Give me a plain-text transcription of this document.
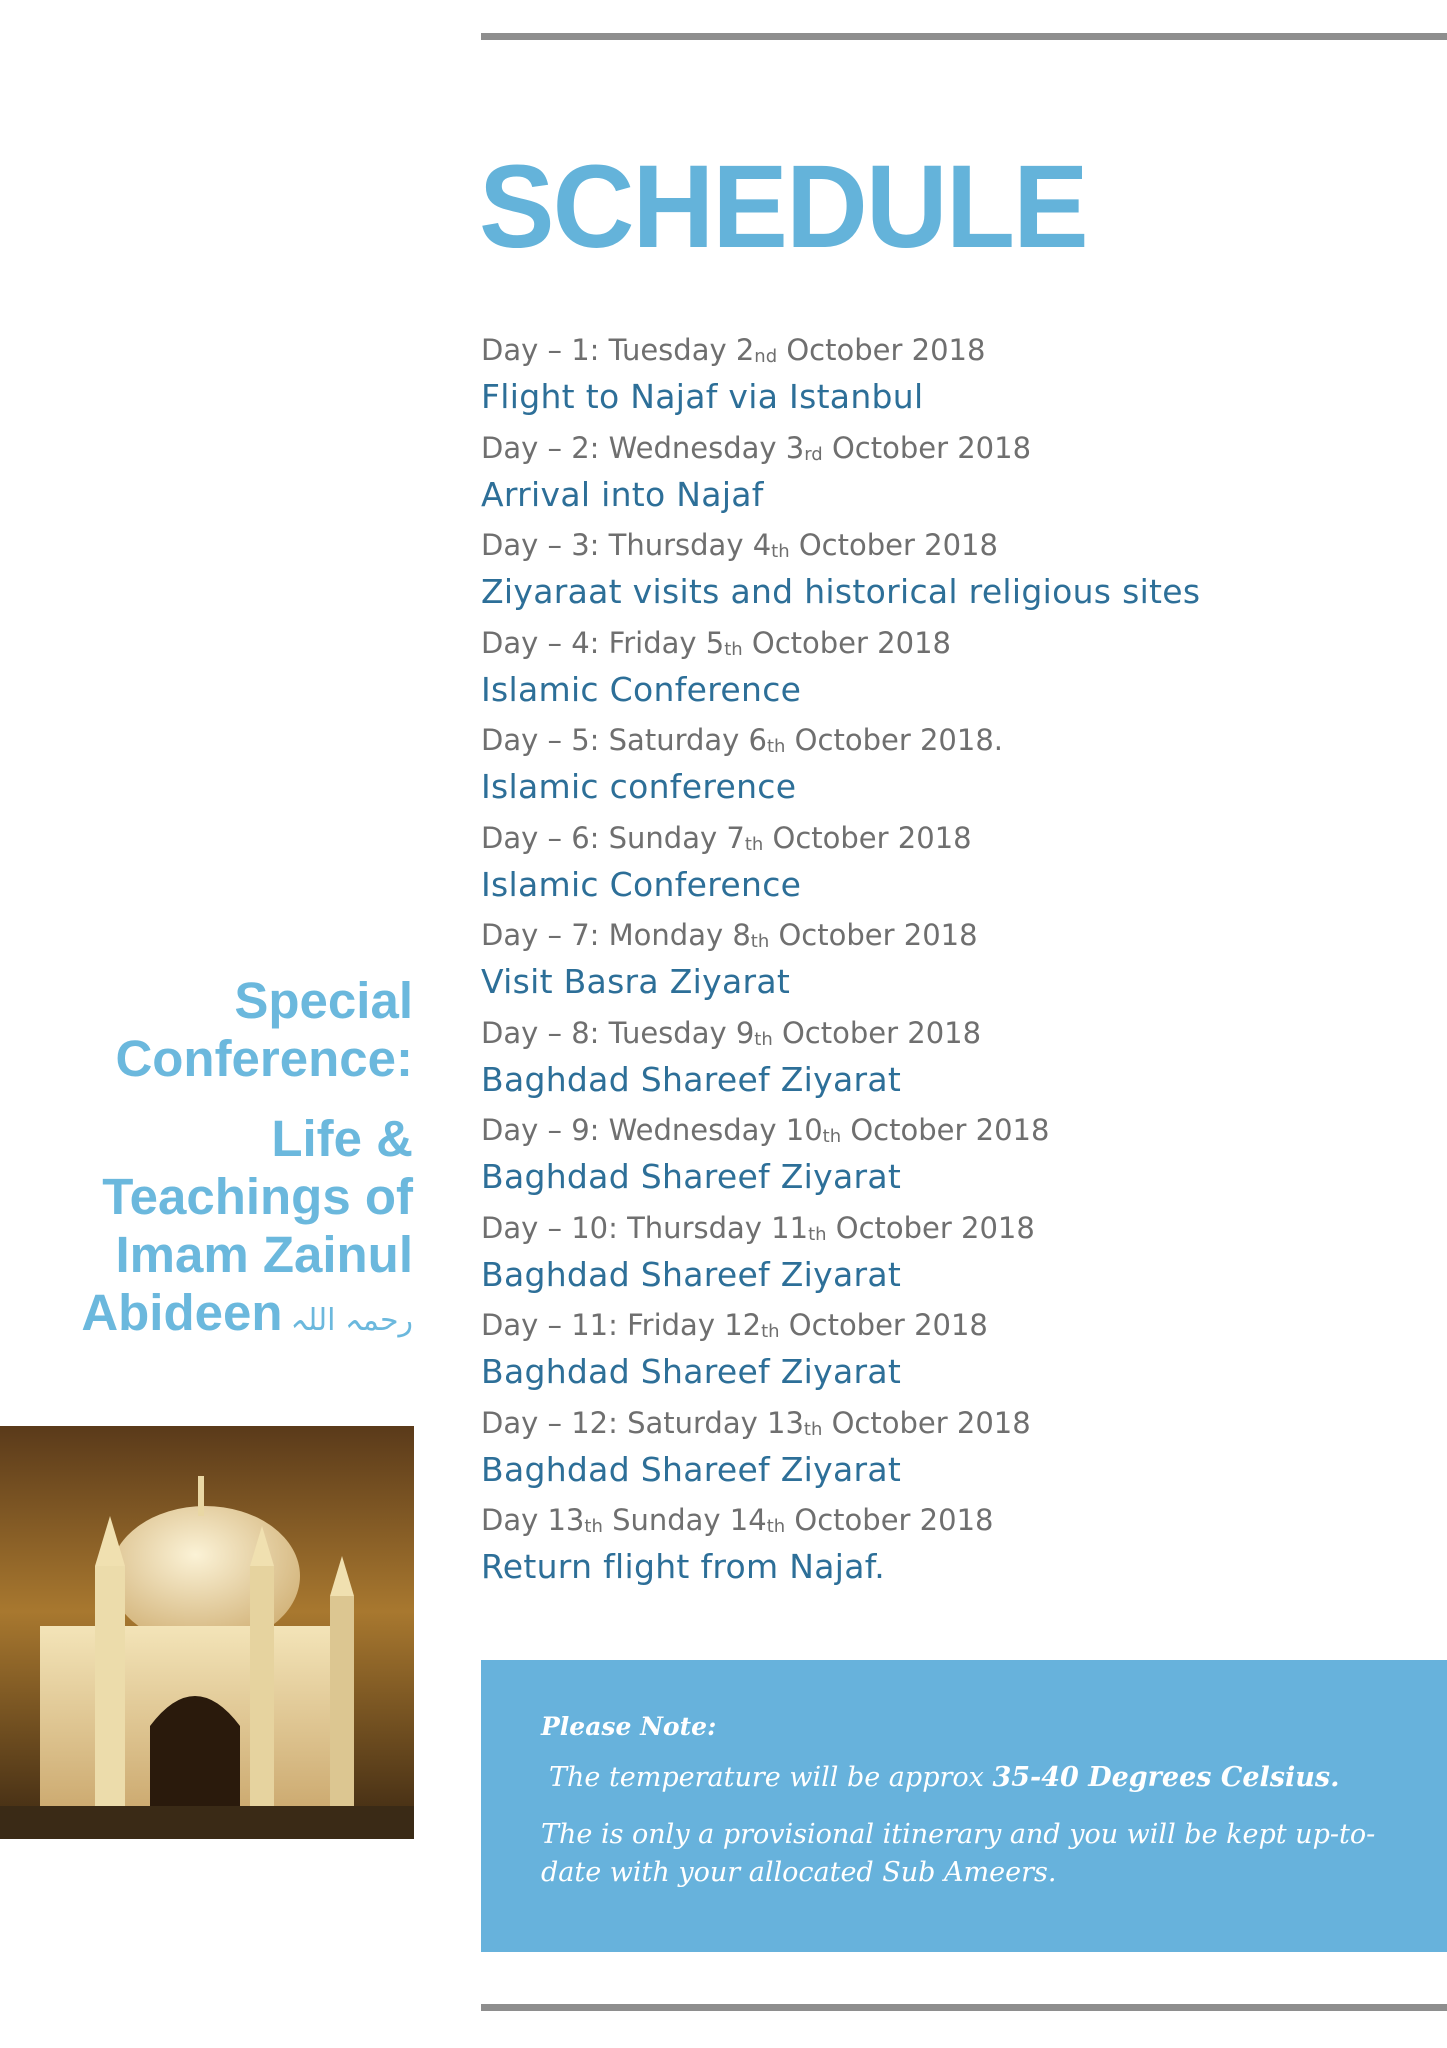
SCHEDULE
Day – 1: Tuesday $2_{nd}$ October 2018
Flight to Najaf via Istanbul
Day – 2: Wednesday $3_{rd}$ October 2018
Arrival into Najaf
Day – 3: Thursday $4_{th}$ October 2018
Ziyaraat visits and historical religious sites
Day – 4: Friday $5_{th}$ October 2018
Islamic Conference
Day – 5: Saturday $6_{th}$ October 2018.
Islamic conference
Day – 6: Sunday $7_{th}$ October 2018
Islamic Conference
Day – 7: Monday $8_{th}$ October 2018
Visit Basra Ziyarat
Day – 8: Tuesday $9_{th}$ October 2018
Baghdad Shareef Ziyarat
Day – 9: Wednesday $10_{th}$ October 2018
Baghdad Shareef Ziyarat
Day – 10: Thursday $11_{th}$ October 2018
Baghdad Shareef Ziyarat
Day – 11: Friday $12_{th}$ October 2018
Baghdad Shareef Ziyarat
Day – 12: Saturday $13_{th}$ October 2018
Baghdad Shareef Ziyarat
Day $13_{th}$ Sunday $14_{th}$ October 2018
Return flight from Najaf.
Special
Conference:
Life &
Teachings of
Imam Zainul
Abideen رحمہ اللہ
Please Note:
The temperature will be approx 35-40 Degrees Celsius.
The is only a provisional itinerary and you will be kept up-to-date with your allocated Sub Ameers.
